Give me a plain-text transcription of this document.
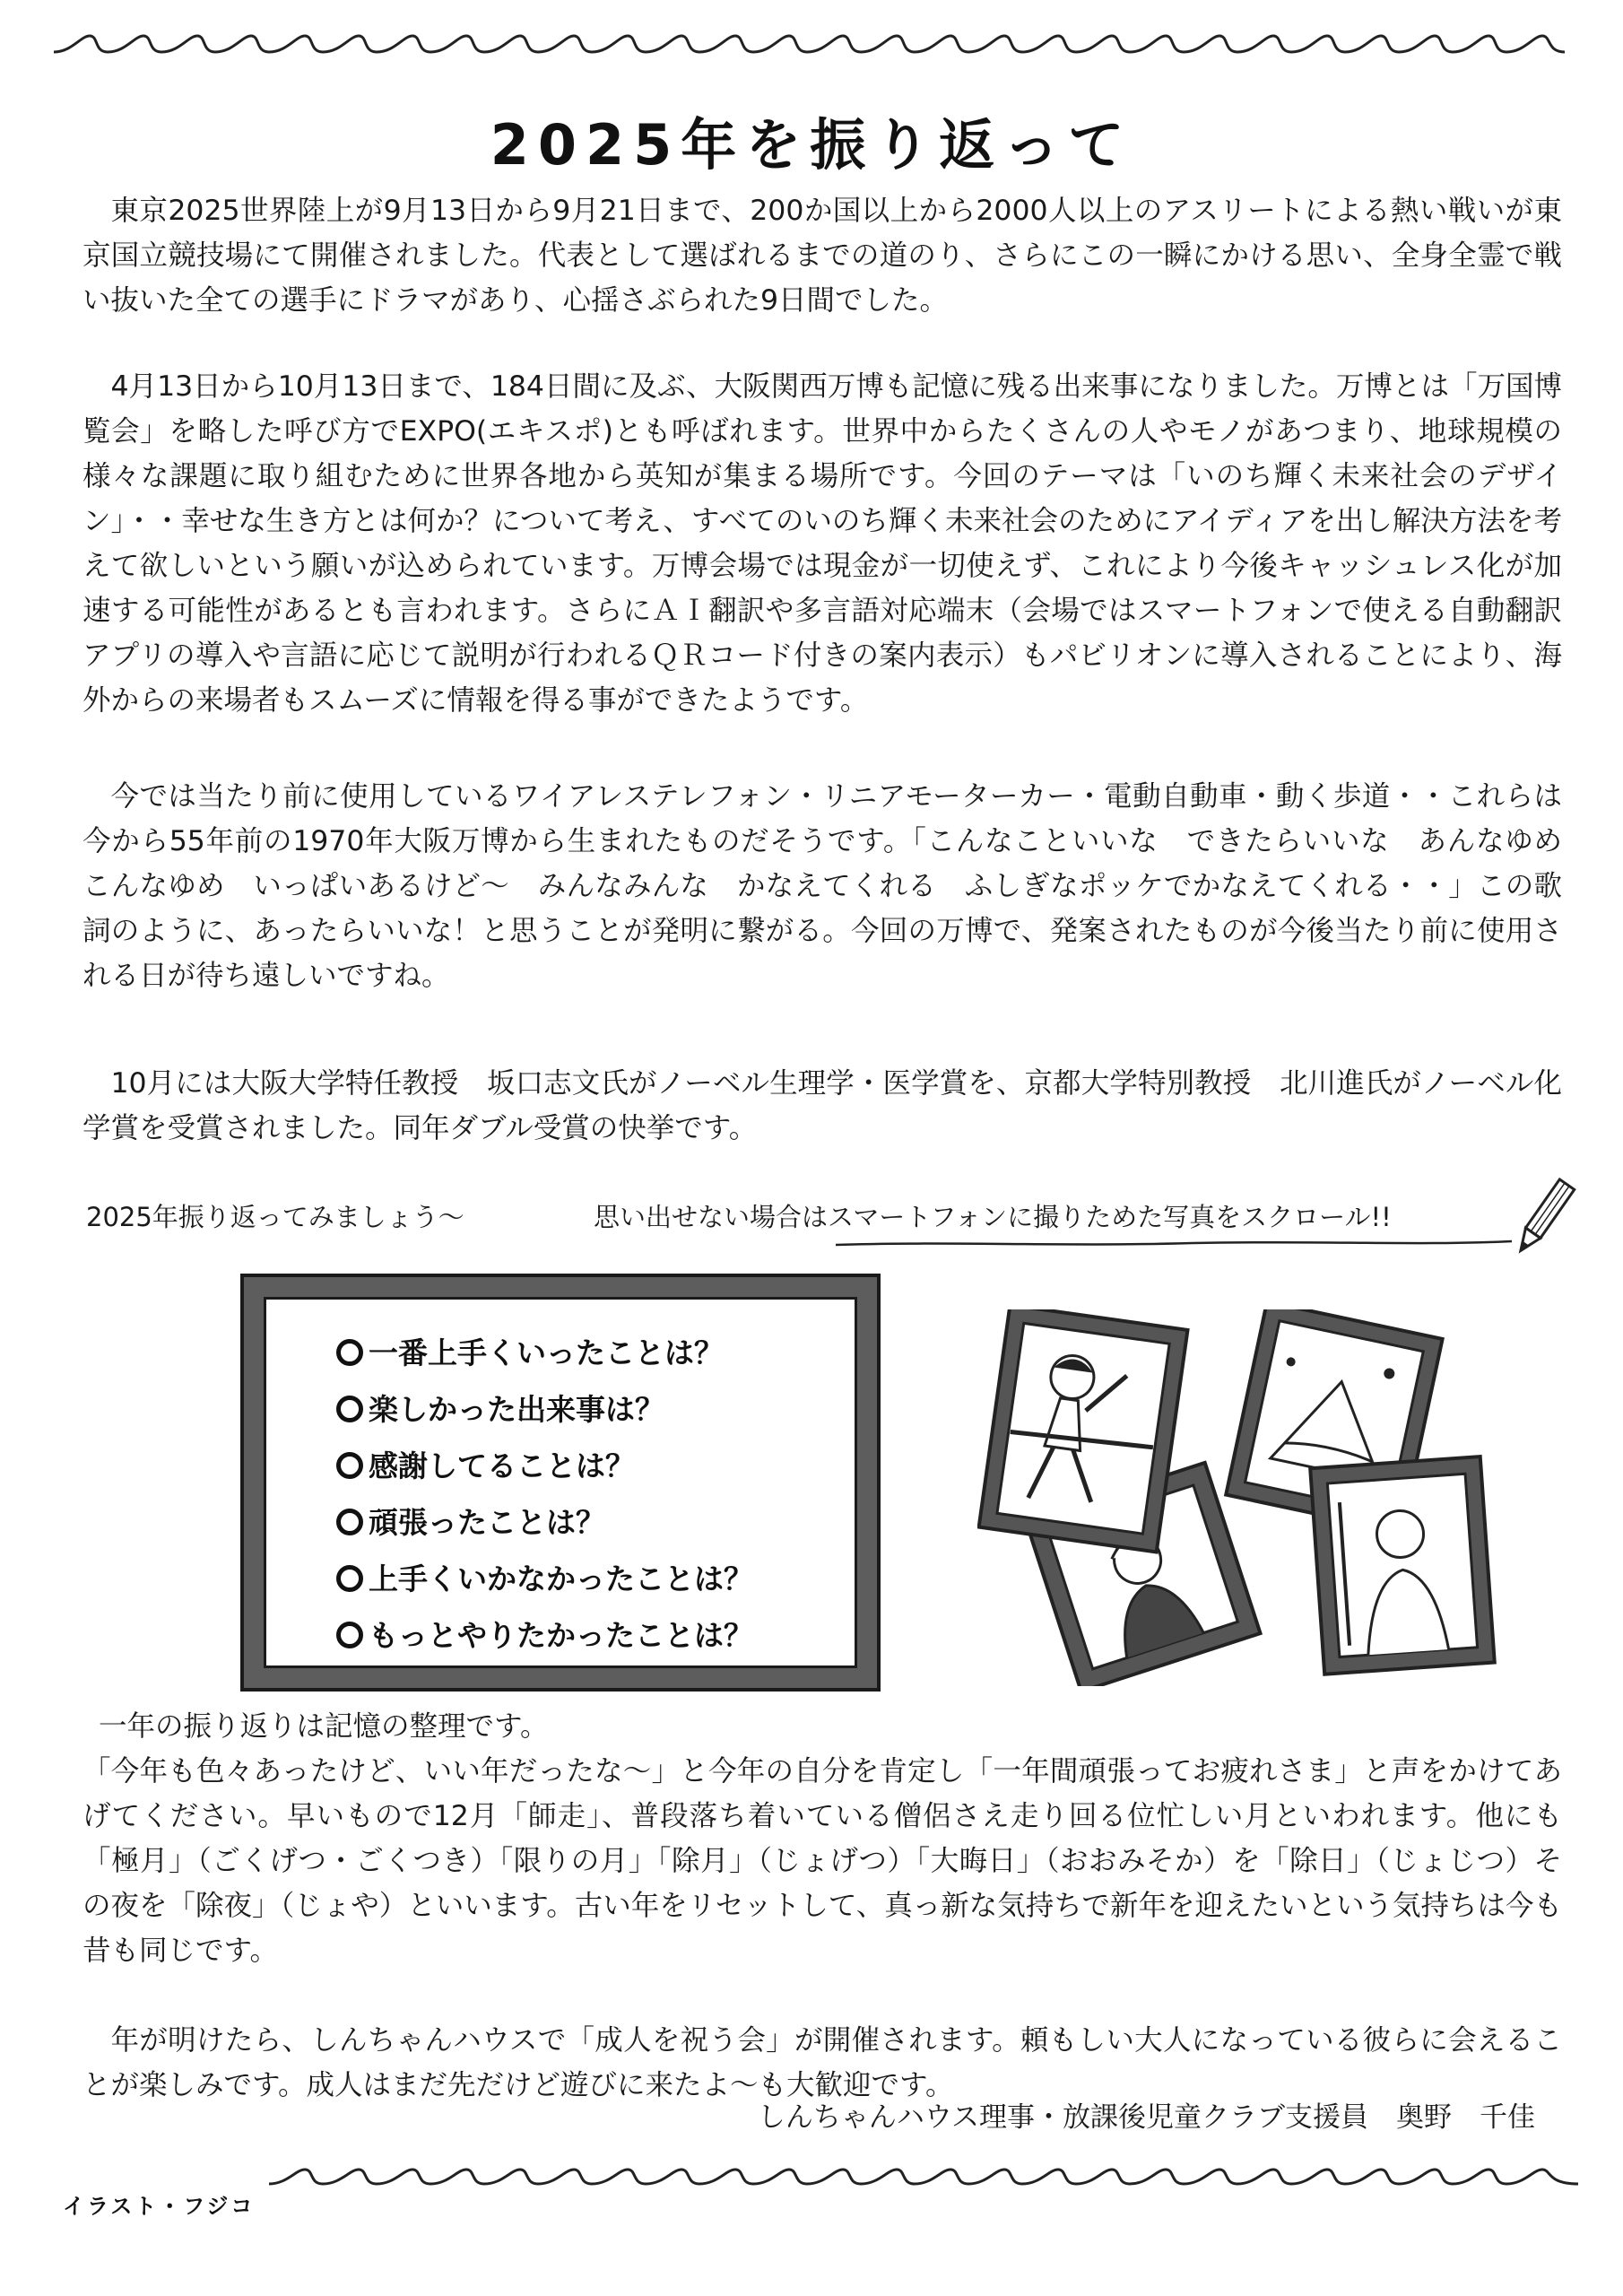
2025年を振り返って

東京2025世界陸上が9月13日から9月21日まで、200か国以上から2000人以上のアスリートによる熱い戦いが東京国立競技場にて開催されました。代表として選ばれるまでの道のり、さらにこの一瞬にかける思い、全身全霊で戦い抜いた全ての選手にドラマがあり、心揺さぶられた9日間でした。

4月13日から10月13日まで、184日間に及ぶ、大阪関西万博も記憶に残る出来事になりました。万博とは「万国博覧会」を略した呼び方でEXPO(エキスポ)とも呼ばれます。世界中からたくさんの人やモノがあつまり、地球規模の様々な課題に取り組むために世界各地から英知が集まる場所です。今回のテーマは「いのち輝く未来社会のデザイン」・・幸せな生き方とは何か？について考え、すべてのいのち輝く未来社会のためにアイディアを出し解決方法を考えて欲しいという願いが込められています。万博会場では現金が一切使えず、これにより今後キャッシュレス化が加速する可能性があるとも言われます。さらにＡＩ翻訳や多言語対応端末（会場ではスマートフォンで使える自動翻訳アプリの導入や言語に応じて説明が行われるＱＲコード付きの案内表示）もパビリオンに導入されることにより、海外からの来場者もスムーズに情報を得る事ができたようです。

今では当たり前に使用しているワイアレステレフォン・リニアモーターカー・電動自動車・動く歩道・・これらは今から55年前の1970年大阪万博から生まれたものだそうです。「こんなこといいな　できたらいいな　あんなゆめ　こんなゆめ　いっぱいあるけど～　みんなみんな　かなえてくれる　ふしぎなポッケでかなえてくれる・・」この歌詞のように、あったらいいな！と思うことが発明に繋がる。今回の万博で、発案されたものが今後当たり前に使用される日が待ち遠しいですね。

10月には大阪大学特任教授　坂口志文氏がノーベル生理学・医学賞を、京都大学特別教授　北川進氏がノーベル化学賞を受賞されました。同年ダブル受賞の快挙です。

2025年振り返ってみましょう～	思い出せない場合はスマートフォンに撮りためた写真をスクロール!!
一番上手くいったことは？
楽しかった出来事は？
感謝してることは？
頑張ったことは？
上手くいかなかったことは？
もっとやりたかったことは？

一年の振り返りは記憶の整理です。

「今年も色々あったけど、いい年だったな～」と今年の自分を肯定し「一年間頑張ってお疲れさま」と声をかけてあげてください。早いもので12月「師走」、普段落ち着いている僧侶さえ走り回る位忙しい月といわれます。他にも「極月」（ごくげつ・ごくつき）「限りの月」「除月」（じょげつ）「大晦日」（おおみそか）を「除日」（じょじつ）その夜を「除夜」（じょや）といいます。古い年をリセットして、真っ新な気持ちで新年を迎えたいという気持ちは今も昔も同じです。

年が明けたら、しんちゃんハウスで「成人を祝う会」が開催されます。頼もしい大人になっている彼らに会えることが楽しみです。成人はまだ先だけど遊びに来たよ～も大歓迎です。

しんちゃんハウス理事・放課後児童クラブ支援員　奥野　千佳
イラスト・フジコ
